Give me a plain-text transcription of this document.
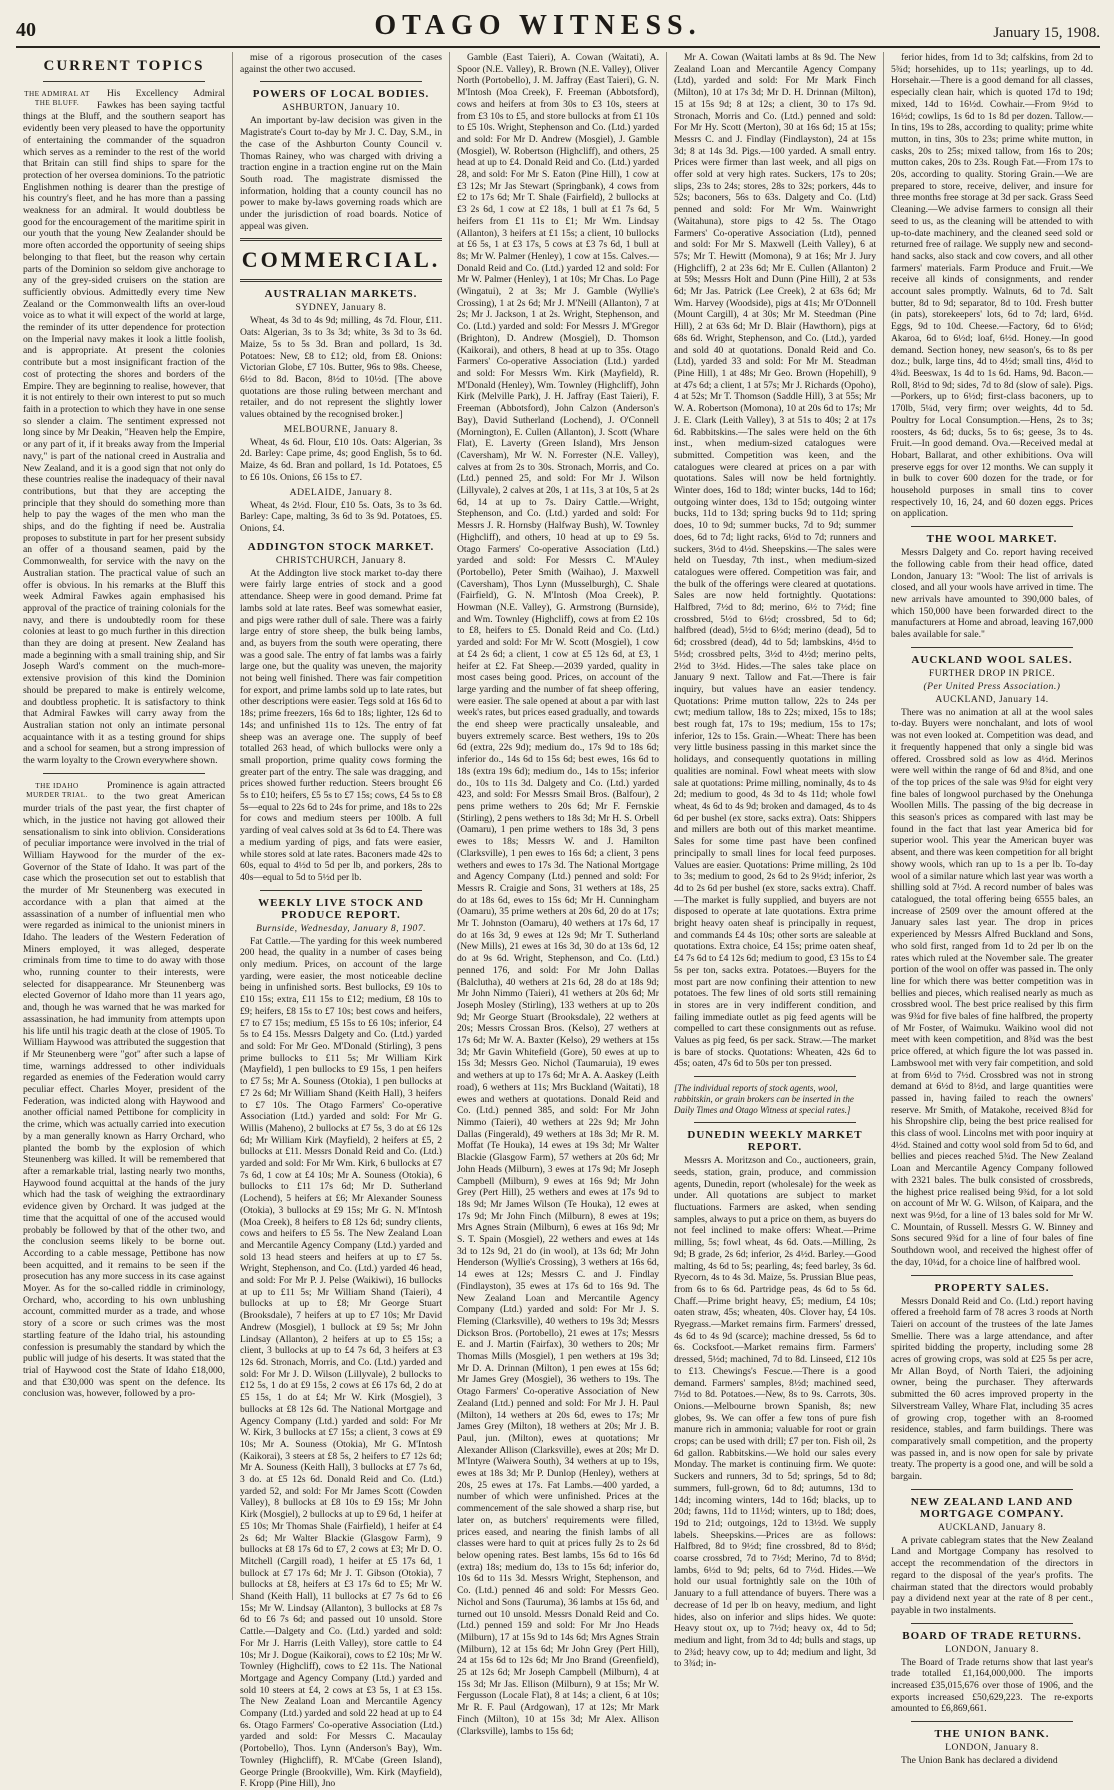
40	OTAGO WITNESS.	January 15, 1908.
CURRENT TOPICS
THE ADMIRAL AT THE BLUFF.

His Excellency Admiral Fawkes has been saying tactful things at the Bluff, and the southern seaport has evidently been very pleased to have the opportunity of entertaining the commander of the squadron which serves as a reminder to the rest of the world that Britain can still find ships to spare for the protection of her oversea dominions. To the patriotic Englishmen nothing is dearer than the prestige of his country's fleet, and he has more than a passing weakness for an admiral. It would doubtless be good for the encouragement of the maritime spirit in our youth that the young New Zealander should be more often accorded the opportunity of seeing ships belonging to that fleet, but the reason why certain parts of the Dominion so seldom give anchorage to any of the grey-sided cruisers on the station are sufficiently obvious. Admittedly every time New Zealand or the Commonwealth lifts an over-loud voice as to what it will expect of the world at large, the reminder of its utter dependence for protection on the Imperial navy makes it look a little foolish, and is appropriate. At present the colonies contribute but a most insignificant fraction of the cost of protecting the shores and borders of the Empire. They are beginning to realise, however, that it is not entirely to their own interest to put so much faith in a protection to which they have in one sense so slender a claim. The sentiment expressed not long since by Mr Deakin, "Heaven help the Empire, or any part of it, if it breaks away from the Imperial navy," is part of the national creed in Australia and New Zealand, and it is a good sign that not only do these countries realise the inadequacy of their naval contributions, but that they are accepting the principle that they should do something more than help to pay the wages of the men who man the ships, and do the fighting if need be. Australia proposes to substitute in part for her present subsidy an offer of a thousand seamen, paid by the Commonwealth, for service with the navy on the Australian station. The practical value of such an offer is obvious. In his remarks at the Bluff this week Admiral Fawkes again emphasised his approval of the practice of training colonials for the navy, and there is undoubtedly room for these colonies at least to go much further in this direction than they are doing at present. New Zealand has made a beginning with a small training ship, and Sir Joseph Ward's comment on the much-more-extensive provision of this kind the Dominion should be prepared to make is entirely welcome, and doubtless prophetic. It is satisfactory to think that Admiral Fawkes will carry away from the Australian station not only an intimate personal acquaintance with it as a testing ground for ships and a school for seamen, but a strong impression of the warm loyalty to the Crown everywhere shown.

THE IDAHO MURDER TRIAL.

Prominence is again attracted to the two great American murder trials of the past year, the first chapter of which, in the justice not having got allowed their sensationalism to sink into oblivion. Considerations of peculiar importance were involved in the trial of William Haywood for the murder of the ex-Governor of the State of Idaho. It was part of the case which the prosecution set out to establish that the murder of Mr Steunenberg was executed in accordance with a plan that aimed at the assassination of a number of influential men who were regarded as inimical to the unionist miners in Idaho. The leaders of the Western Federation of Miners employed, it was alleged, desperate criminals from time to time to do away with those who, running counter to their interests, were selected for disappearance. Mr Steunenberg was elected Governor of Idaho more than 11 years ago, and, though he was warned that he was marked for assassination, he had immunity from attempts upon his life until his tragic death at the close of 1905. To William Haywood was attributed the suggestion that if Mr Steunenberg were "got" after such a lapse of time, warnings addressed to other individuals regarded as enemies of the Federation would carry peculiar effect. Charles Moyer, president of the Federation, was indicted along with Haywood and another official named Pettibone for complicity in the crime, which was actually carried into execution by a man generally known as Harry Orchard, who planted the bomb by the explosion of which Steunenberg was killed. It will be remembered that after a remarkable trial, lasting nearly two months, Haywood found acquittal at the hands of the jury which had the task of weighing the extraordinary evidence given by Orchard. It was judged at the time that the acquittal of one of the accused would probably be followed by that of the other two, and the conclusion seems likely to be borne out. According to a cable message, Pettibone has now been acquitted, and it remains to be seen if the prosecution has any more success in its case against Moyer. As for the so-called riddle in criminology, Orchard, who, according to his own unblushing account, committed murder as a trade, and whose story of a score or such crimes was the most startling feature of the Idaho trial, his astounding confession is presumably the standard by which the public will judge of his deserts. It was stated that the trial of Haywood cost the State of Idaho £18,000, and that £30,000 was spent on the defence. Its conclusion was, however, followed by a pro-

mise of a rigorous prosecution of the cases against the other two accused.

POWERS OF LOCAL BODIES.
ASHBURTON, January 10.

An important by-law decision was given in the Magistrate's Court to-day by Mr J. C. Day, S.M., in the case of the Ashburton County Council v. Thomas Rainey, who was charged with driving a traction engine in a traction engine rut on the Main South road. The magistrate dismissed the information, holding that a county council has no power to make by-laws governing roads which are under the jurisdiction of road boards. Notice of appeal was given.

COMMERCIAL.
AUSTRALIAN MARKETS.
SYDNEY, January 8.

Wheat, 4s 3d to 4s 9d; milling, 4s 7d. Flour, £11. Oats: Algerian, 3s to 3s 3d; white, 3s 3d to 3s 6d. Maize, 5s to 5s 3d. Bran and pollard, 1s 3d. Potatoes: New, £8 to £12; old, from £8. Onions: Victorian Globe, £7 10s. Butter, 96s to 98s. Cheese, 6½d to 8d. Bacon, 8½d to 10½d. [The above quotations are those ruling between merchant and retailer, and do not represent the slightly lower values obtained by the recognised broker.]

MELBOURNE, January 8.

Wheat, 4s 6d. Flour, £10 10s. Oats: Algerian, 3s 2d. Barley: Cape prime, 4s; good English, 5s to 6d. Maize, 4s 6d. Bran and pollard, 1s 1d. Potatoes, £5 to £6 10s. Onions, £6 15s to £7.

ADELAIDE, January 8.

Wheat, 4s 2½d. Flour, £10 5s. Oats, 3s to 3s 6d. Barley: Cape, malting, 3s 6d to 3s 9d. Potatoes, £5. Onions, £4.

ADDINGTON STOCK MARKET.
CHRISTCHURCH, January 8.

At the Addington live stock market to-day there were fairly large entries of stock and a good attendance. Sheep were in good demand. Prime fat lambs sold at late rates. Beef was somewhat easier, and pigs were rather dull of sale. There was a fairly large entry of store sheep, the bulk being lambs, and, as buyers from the south were operating, there was a good sale. The entry of fat lambs was a fairly large one, but the quality was uneven, the majority not being well finished. There was fair competition for export, and prime lambs sold up to late rates, but other descriptions were easier. Tegs sold at 16s 6d to 18s; prime freezers, 16s 6d to 18s; lighter, 12s 6d to 14s; and unfinished 11s to 12s. The entry of fat sheep was an average one. The supply of beef totalled 263 head, of which bullocks were only a small proportion, prime quality cows forming the greater part of the entry. The sale was dragging, and prices showed further reduction. Steers brought £6 5s to £10; heifers, £5 5s to £7 15s; cows, £4 5s to £8 5s—equal to 22s 6d to 24s for prime, and 18s to 22s for cows and medium steers per 100lb. A full yarding of veal calves sold at 3s 6d to £4. There was a medium yarding of pigs, and fats were easier, while stores sold at late rates. Baconers made 42s to 60s, equal to 4½d to 5d per lb, and porkers, 28s to 40s—equal to 5d to 5½d per lb.

WEEKLY LIVE STOCK AND PRODUCE REPORT.
Burnside, Wednesday, January 8, 1907.

Fat Cattle.—The yarding for this week numbered 200 head, the quality in a number of cases being only medium. Prices, on account of the large yarding, were easier, the most noticeable decline being in unfinished sorts. Best bullocks, £9 10s to £10 15s; extra, £11 15s to £12; medium, £8 10s to £9; heifers, £8 15s to £7 10s; best cows and heifers, £7 to £7 15s; medium, £5 15s to £6 10s; inferior, £4 5s to £4 15s. Messrs Dalgety and Co. (Ltd.) yarded and sold: For Mr Geo. M'Donald (Stirling), 3 pens prime bullocks to £11 5s; Mr William Kirk (Mayfield), 1 pen bullocks to £9 15s, 1 pen heifers to £7 5s; Mr A. Souness (Otokia), 1 pen bullocks at £7 2s 6d; Mr William Shand (Keith Hall), 3 heifers to £7 10s. The Otago Farmers' Co-operative Association (Ltd.) yarded and sold: For Mr G. Willis (Maheno), 2 bullocks at £7 5s, 3 do at £6 12s 6d; Mr William Kirk (Mayfield), 2 heifers at £5, 2 bullocks at £11. Messrs Donald Reid and Co. (Ltd.) yarded and sold: For Mr Wm. Kirk, 6 bullocks at £7 7s 6d, 1 cow at £4 10s; Mr A. Souness (Otokia), 6 bullocks to £11 17s 6d; Mr D. Sutherland (Lochend), 5 heifers at £6; Mr Alexander Souness (Otokia), 3 bullocks at £9 15s; Mr G. N. M'Intosh (Moa Creek), 8 heifers to £8 12s 6d; sundry clients, cows and heifers to £5 5s. The New Zealand Loan and Mercantile Agency Company (Ltd.) yarded and sold 13 head steers and heifers at up to £7 5s. Wright, Stephenson, and Co. (Ltd.) yarded 46 head, and sold: For Mr P. J. Pelse (Waikiwi), 16 bullocks at up to £11 5s; Mr William Shand (Taieri), 4 bullocks at up to £8; Mr George Stuart (Brooksdale), 7 heifers at up to £7 10s; Mr David Andrew (Mosgiel), 1 bullock at £9 5s; Mr John Lindsay (Allanton), 2 heifers at up to £5 15s; a client, 3 bullocks at up to £4 7s 6d, 3 heifers at £3 12s 6d. Stronach, Morris, and Co. (Ltd.) yarded and sold: For Mr J. D. Wilson (Lillyvale), 2 bullocks to £12 5s, 1 do at £9 15s, 2 cows at £6 17s 6d, 2 do at £5 15s, 1 do at £4; Mr W. Kirk (Mosgiel), 3 bullocks at £8 12s 6d. The National Mortgage and Agency Company (Ltd.) yarded and sold: For Mr W. Kirk, 3 bullocks at £7 15s; a client, 3 cows at £9 10s; Mr A. Souness (Otokia), Mr G. M'Intosh (Kaikorai), 3 steers at £8 5s, 2 heifers to £7 12s 6d; Mr A. Souness (Keith Hall), 3 bullocks at £7 7s 6d, 3 do. at £5 12s 6d. Donald Reid and Co. (Ltd.) yarded 52, and sold: For Mr James Scott (Cowden Valley), 8 bullocks at £8 10s to £9 15s; Mr John Kirk (Mosgiel), 2 bullocks at up to £9 6d, 1 heifer at £5 10s; Mr Thomas Shale (Fairfield), 1 heifer at £4 2s 6d; Mr Walter Blackie (Glasgow Farm), 9 bullocks at £8 17s 6d to £7, 2 cows at £3; Mr D. O. Mitchell (Cargill road), 1 heifer at £5 17s 6d, 1 bullock at £7 17s 6d; Mr J. T. Gibson (Otokia), 7 bullocks at £8, heifers at £3 17s 6d to £5; Mr W. Shand (Keith Hall), 11 bullocks at £7 7s 6d to £6 15s; Mr W. Lindsay (Allanton), 3 bullocks at £8 7s 6d to £6 7s 6d; and passed out 10 unsold. Store Cattle.—Dalgety and Co. (Ltd.) yarded and sold: For Mr J. Harris (Leith Valley), store cattle to £4 10s; Mr J. Dogue (Kaikorai), cows to £2 10s; Mr W. Townley (Highcliff), cows to £2 11s. The National Mortgage and Agency Company (Ltd.) yarded and sold 10 steers at £4, 2 cows at £3 5s, 1 at £3 15s. The New Zealand Loan and Mercantile Agency Company (Ltd.) yarded and sold 22 head at up to £4 6s. Otago Farmers' Co-operative Association (Ltd.) yarded and sold: For Messrs C. Macaulay (Portobello), Thos. Lynn (Anderson's Bay), Wm. Townley (Highcliff), R. M'Cabe (Green Island), George Pringle (Brookville), Wm. Kirk (Mayfield), F. Kropp (Pine Hill), Jno

Gamble (East Taieri), A. Cowan (Waitati), A. Spoor (N.E. Valley), R. Brown (N.E. Valley), Oliver North (Portobello), J. M. Jaffray (East Taieri), G. N. M'Intosh (Moa Creek), F. Freeman (Abbotsford), cows and heifers at from 30s to £3 10s, steers at from £3 10s to £5, and store bullocks at from £1 10s to £5 10s. Wright, Stephenson and Co. (Ltd.) yarded and sold: For Mr D. Andrew (Mosgiel), J. Gamble (Mosgiel), W. Robertson (Highcliff), and others, 25 head at up to £4. Donald Reid and Co. (Ltd.) yarded 28, and sold: For Mr S. Eaton (Pine Hill), 1 cow at £3 12s; Mr Jas Stewart (Springbank), 4 cows from £2 to 17s 6d; Mr T. Shale (Fairfield), 2 bullocks at £3 2s 6d, 1 cow at £2 18s, 1 bull at £1 7s 6d, 5 heifers from £1 11s to £1; Mr Wm. Lindsay (Allanton), 3 heifers at £1 15s; a client, 10 bullocks at £6 5s, 1 at £3 17s, 5 cows at £3 7s 6d, 1 bull at 8s; Mr W. Palmer (Henley), 1 cow at 15s. Calves.—Donald Reid and Co. (Ltd.) yarded 12 and sold: For Mr W. Palmer (Henley), 1 at 10s; Mr Chas. Lo Page (Wingatui), 2 at 3s; Mr J. Gamble (Wyllie's Crossing), 1 at 2s 6d; Mr J. M'Neill (Allanton), 7 at 2s; Mr J. Jackson, 1 at 2s. Wright, Stephenson, and Co. (Ltd.) yarded and sold: For Messrs J. M'Gregor (Brighton), D. Andrew (Mosgiel), D. Thomson (Kaikorai), and others, 8 head at up to 35s. Otago Farmers' Co-operative Association (Ltd.) yarded and sold: For Messrs Wm. Kirk (Mayfield), R. M'Donald (Henley), Wm. Townley (Highcliff), John Kirk (Melville Park), J. H. Jaffray (East Taieri), F. Freeman (Abbotsford), John Calzon (Anderson's Bay), David Sutherland (Lochend), J. O'Connell (Mornington), E. Cullen (Allanton), J. Scott (Whare Flat), E. Laverty (Green Island), Mrs Jenson (Caversham), Mr W. N. Forrester (N.E. Valley), calves at from 2s to 30s. Stronach, Morris, and Co. (Ltd.) penned 25, and sold: For Mr J. Wilson (Lillyvale), 2 calves at 20s, 1 at 11s, 3 at 10s, 5 at 2s 6d, 14 at up to 7s. Dairy Cattle.—Wright, Stephenson, and Co. (Ltd.) yarded and sold: For Messrs J. R. Hornsby (Halfway Bush), W. Townley (Highcliff), and others, 10 head at up to £9 5s. Otago Farmers' Co-operative Association (Ltd.) yarded and sold: For Messrs C. M'Auley (Portobello), Peter Smith (Waihao), J. Maxwell (Caversham), Thos Lynn (Musselburgh), C. Shale (Fairfield), G. N. M'Intosh (Moa Creek), P. Howman (N.E. Valley), G. Armstrong (Burnside), and Wm. Townley (Highcliff), cows at from £2 10s to £8, heifers to £5. Donald Reid and Co. (Ltd.) yarded and sold: For Mr W. Scott (Mosgiel), 1 cow at £4 2s 6d; a client, 1 cow at £5 12s 6d, at £3, 1 heifer at £2. Fat Sheep.—2039 yarded, quality in most cases being good. Prices, on account of the large yarding and the number of fat sheep offering, were easier. The sale opened at about a par with last week's rates, but prices eased gradually, and towards the end sheep were practically unsaleable, and buyers extremely scarce. Best wethers, 19s to 20s 6d (extra, 22s 9d); medium do., 17s 9d to 18s 6d; inferior do., 14s 6d to 15s 6d; best ewes, 16s 6d to 18s (extra 19s 6d); medium do., 14s to 15s; inferior do., 10s to 11s 3d. Dalgety and Co. (Ltd.) yarded 423, and sold: For Messrs Smail Bros. (Balfour), 2 pens prime wethers to 20s 6d; Mr F. Fernskie (Stirling), 2 pens wethers to 18s 3d; Mr H. S. Orbell (Oamaru), 1 pen prime wethers to 18s 3d, 3 pens ewes to 18s; Messrs W. and J. Hamilton (Clarksville), 1 pen ewes to 16s 6d; a client, 3 pens wethers and ewes to 17s 3d. The National Mortgage and Agency Company (Ltd.) penned and sold: For Messrs R. Craigie and Sons, 31 wethers at 18s, 25 do at 18s 6d, ewes to 15s 6d; Mr H. Cunningham (Oamaru), 35 prime wethers at 20s 6d, 20 do at 17s; Mr T. Johnston (Oamaru), 40 wethers at 17s 6d, 17 do at 16s 3d, 9 ewes at 12s 9d; Mr T. Sutherland (New Mills), 21 ewes at 16s 3d, 30 do at 13s 6d, 12 do at 9s 6d. Wright, Stephenson, and Co. (Ltd.) penned 176, and sold: For Mr John Dallas (Balclutha), 40 wethers at 21s 6d, 28 do at 18s 9d; Mr John Nimmo (Taieri), 41 wethers at 20s 6d; Mr Joseph Mosley (Stirling), 133 wethers at up to 20s 9d; Mr George Stuart (Brooksdale), 22 wethers at 20s; Messrs Crossan Bros. (Kelso), 27 wethers at 17s 6d; Mr W. A. Baxter (Kelso), 29 wethers at 15s 3d; Mr Gavin Whitefield (Gore), 50 ewes at up to 15s 3d; Messrs Geo. Nichol (Taumaruia), 19 ewes and wethers at up to 17s 6d; Mr A. A. Aaskey (Leith road), 6 wethers at 11s; Mrs Buckland (Waitati), 18 ewes and wethers at quotations. Donald Reid and Co. (Ltd.) penned 385, and sold: For Mr John Nimmo (Taieri), 40 wethers at 22s 9d; Mr John Dallas (Fingerald), 49 wethers at 18s 3d; Mr R. M. Moffat (Te Houka), 14 ewes at 19s 3d; Mr Walter Blackie (Glasgow Farm), 57 wethers at 20s 6d; Mr John Heads (Milburn), 3 ewes at 17s 9d; Mr Joseph Campbell (Milburn), 9 ewes at 16s 9d; Mr John Grey (Pert Hill), 25 wethers and ewes at 17s 9d to 18s 9d; Mr James Wilson (Te Houka), 12 ewes at 17s 9d; Mr John Finch (Milburn), 8 ewes at 19s; Mrs Agnes Strain (Milburn), 6 ewes at 16s 9d; Mr S. T. Spain (Mosgiel), 22 wethers and ewes at 14s 3d to 12s 9d, 21 do (in wool), at 13s 6d; Mr John Henderson (Wyllie's Crossing), 3 wethers at 16s 6d, 14 ewes at 12s; Messrs C. and J. Findlay (Findlayston), 35 ewes at 17s 6d to 16s 9d. The New Zealand Loan and Mercantile Agency Company (Ltd.) yarded and sold: For Mr J. S. Fleming (Clarksville), 40 wethers to 19s 3d; Messrs Dickson Bros. (Portobello), 21 ewes at 17s; Messrs E. and J. Martin (Fairfax), 30 wethers to 20s; Mr Thomas Mills (Mosgiel), 1 pen wethers at 19s 3d; Mr D. A. Drinnan (Milton), 1 pen ewes at 15s 6d; Mr James Grey (Mosgiel), 36 wethers to 19s. The Otago Farmers' Co-operative Association of New Zealand (Ltd.) penned and sold: For Mr J. H. Paul (Milton), 14 wethers at 20s 6d, ewes to 17s; Mr James Grey (Milton), 18 wethers at 20s; Mr J. B. Paul, jun. (Milton), ewes at quotations; Mr Alexander Allison (Clarksville), ewes at 20s; Mr D. M'Intyre (Waiwera South), 34 wethers at up to 19s, ewes at 18s 3d; Mr P. Dunlop (Henley), wethers at 20s, 25 ewes at 17s. Fat Lambs.—400 yarded, a number of which were unfinished. Prices at the commencement of the sale showed a sharp rise, but later on, as butchers' requirements were filled, prices eased, and nearing the finish lambs of all classes were hard to quit at prices fully 2s to 2s 6d below opening rates. Best lambs, 15s 6d to 16s 6d (extra) 18s; medium do, 13s to 15s 6d; inferior do, 10s 6d to 11s 3d. Messrs Wright, Stephenson, and Co. (Ltd.) penned 46 and sold: For Messrs Geo. Nichol and Sons (Tauruma), 36 lambs at 15s 6d, and turned out 10 unsold. Messrs Donald Reid and Co. (Ltd.) penned 159 and sold: For Mr Jno Heads (Milburn), 17 at 15s 9d to 14s 6d; Mrs Agnes Strain (Milburn), 12 at 15s 6d; Mr John Grey (Pert Hill), 24 at 15s 6d to 12s 6d; Mr Jno Brand (Greenfield), 25 at 12s 6d; Mr Joseph Campbell (Milburn), 4 at 15s 3d; Mr Jas. Ellison (Milburn), 9 at 15s; Mr W. Fergusson (Locale Flat), 8 at 14s; a client, 6 at 10s; Mr R. F. Paul (Ardgowan), 17 at 12s; Mr Mark Finch (Milton), 10 at 15s 3d; Mr Alex. Allison (Clarksville), lambs to 15s 6d;

Mr A. Cowan (Waitati lambs at 8s 9d. The New Zealand Loan and Mercantile Agency Company (Ltd), yarded and sold: For Mr Mark Finch (Milton), 10 at 17s 3d; Mr D. H. Drinnan (Milton), 15 at 15s 9d; 8 at 12s; a client, 30 to 17s 9d. Stronach, Morris and Co. (Ltd.) penned and sold: For Mr Hy. Scott (Merton), 30 at 16s 6d; 15 at 15s; Messrs C. and J. Findlay (Findlayston), 24 at 15s 3d; 8 at 14s 3d. Pigs.—100 yarded. A small entry. Prices were firmer than last week, and all pigs on offer sold at very high rates. Suckers, 17s to 20s; slips, 23s to 24s; stores, 28s to 32s; porkers, 44s to 52s; baconers, 56s to 63s. Dalgety and Co. (Ltd) penned and sold: For Mr Wm. Wainwright (Waitahuna), store pigs to 42 5s. The Otago Farmers' Co-operative Association (Ltd), penned and sold: For Mr S. Maxwell (Leith Valley), 6 at 57s; Mr T. Hewitt (Momona), 9 at 16s; Mr J. Jury (Highcliff), 2 at 23s 6d; Mr E. Cullen (Allanton) 2 at 59s; Messrs Holt and Dunn (Pine Hill), 2 at 53s 6d; Mr Jas. Patrick (Lee Creek), 2 at 63s 6d; Mr Wm. Harvey (Woodside), pigs at 41s; Mr O'Donnell (Mount Cargill), 4 at 30s; Mr M. Steedman (Pine Hill), 2 at 63s 6d; Mr D. Blair (Hawthorn), pigs at 68s 6d. Wright, Stephenson, and Co. (Ltd.), yarded and sold 40 at quotations. Donald Reid and Co. (Ltd), yarded 33 and sold: For Mr M. Steadman (Pine Hill), 1 at 48s; Mr Geo. Brown (Hopehill), 9 at 47s 6d; a client, 1 at 57s; Mr J. Richards (Opoho), 4 at 52s; Mr T. Thomson (Saddle Hill), 3 at 55s; Mr W. A. Robertson (Momona), 10 at 20s 6d to 17s; Mr J. E. Clark (Leith Valley), 3 at 51s to 40s; 2 at 17s 6d. Rabbitskins.—The sales were held on the 6th inst., when medium-sized catalogues were submitted. Competition was keen, and the catalogues were cleared at prices on a par with quotations. Sales will now be held fortnightly. Winter does, 16d to 18d; winter bucks, 14d to 16d; outgoing winter does, 13d to 15d; outgoing winter bucks, 11d to 13d; spring bucks 9d to 11d; spring does, 10 to 9d; summer bucks, 7d to 9d; summer does, 6d to 7d; light racks, 6½d to 7d; runners and suckers, 3½d to 4½d. Sheepskins.—The sales were held on Tuesday, 7th inst., when medium-sized catalogues were offered. Competition was fair, and the bulk of the offerings were cleared at quotations. Sales are now held fortnightly. Quotations: Halfbred, 7½d to 8d; merino, 6½ to 7½d; fine crossbred, 5½d to 6½d; crossbred, 5d to 6d; halfbred (dead), 5½d to 6½d; merino (dead), 5d to 6d; crossbred (dead), 4d to 5d; lambskins, 4½d to 5½d; crossbred pelts, 3½d to 4½d; merino pelts, 2½d to 3½d. Hides.—The sales take place on January 9 next. Tallow and Fat.—There is fair inquiry, but values have an easier tendency. Quotations: Prime mutton tallow, 22s to 24s per cwt; medium tallow, 18s to 22s; mixed, 15s to 18s; best rough fat, 17s to 19s; medium, 15s to 17s; inferior, 12s to 15s. Grain.—Wheat: There has been very little business passing in this market since the holidays, and consequently quotations in milling qualities are nominal. Fowl wheat meets with slow sale at quotations: Prime milling, nominally, 4s to 4s 2d; medium to good, 4s 3d to 4s 11d; whole fowl wheat, 4s 6d to 4s 9d; broken and damaged, 4s to 4s 6d per bushel (ex store, sacks extra). Oats: Shippers and millers are both out of this market meantime. Sales for some time past have been confined principally to small lines for local feed purposes. Values are easier. Quotations: Prime milling, 2s 10d to 3s; medium to good, 2s 6d to 2s 9½d; inferior, 2s 4d to 2s 6d per bushel (ex store, sacks extra). Chaff.—The market is fully supplied, and buyers are not disposed to operate at late quotations. Extra prime bright heavy oaten sheaf is principally in request, and commands £4 4s 10s; other sorts are saleable at quotations. Extra choice, £4 15s; prime oaten sheaf, £4 7s 6d to £4 12s 6d; medium to good, £3 15s to £4 5s per ton, sacks extra. Potatoes.—Buyers for the most part are now confining their attention to new potatoes. The few lines of old sorts still remaining in stores are in very indifferent condition, and failing immediate outlet as pig feed agents will be compelled to cart these consignments out as refuse. Values as pig feed, 6s per sack. Straw.—The market is bare of stocks. Quotations: Wheaten, 42s 6d to 45s; oaten, 47s 6d to 50s per ton pressed.

[The individual reports of stock agents, wool, rabbitskin, or grain brokers can be inserted in the Daily Times and Otago Witness at special rates.]
DUNEDIN WEEKLY MARKET REPORT.

Messrs A. Moritzson and Co., auctioneers, grain, seeds, station, grain, produce, and commission agents, Dunedin, report (wholesale) for the week as under. All quotations are subject to market fluctuations. Farmers are asked, when sending samples, always to put a price on them, as buyers do not feel inclined to make offers: Wheat.—Prime milling, 5s; fowl wheat, 4s 6d. Oats.—Milling, 2s 9d; B grade, 2s 6d; inferior, 2s 4½d. Barley.—Good malting, 4s 6d to 5s; pearling, 4s; feed barley, 3s 6d. Ryecorn, 4s to 4s 3d. Maize, 5s. Prussian Blue peas, from 6s to 6s 6d. Partridge peas, 4s 6d to 5s 6d. Chaff.—Prime bright heavy, £5; medium, £4 10s; oaten straw, 45s; wheaten, 40s. Clover hay, £4 10s. Ryegrass.—Market remains firm. Farmers' dressed, 4s 6d to 4s 9d (scarce); machine dressed, 5s 6d to 6s. Cocksfoot.—Market remains firm. Farmers' dressed, 5½d; machined, 7d to 8d. Linseed, £12 10s to £13. Chewings's Fescue.—There is a good demand. Farmers' samples, 8½d; machined seed, 7½d to 8d. Potatoes.—New, 8s to 9s. Carrots, 30s. Onions.—Melbourne brown Spanish, 8s; new globes, 9s. We can offer a few tons of pure fish manure rich in ammonia; valuable for root or grain crops; can be used with drill; £7 per ton. Fish oil, 2s 6d gallon. Rabbitskins.—We hold our sales every Monday. The market is continuing firm. We quote: Suckers and runners, 3d to 5d; springs, 5d to 8d; summers, full-grown, 6d to 8d; autumns, 13d to 14d; incoming winters, 14d to 16d; blacks, up to 20d; fawns, 11d to 11½d; winters, up to 18d; does, 19d to 21d; outgoings, 12d to 13½d. We supply labels. Sheepskins.—Prices are as follows: Halfbred, 8d to 9½d; fine crossbred, 8d to 8½d; coarse crossbred, 7d to 7½d; Merino, 7d to 8½d; lambs, 6½d to 9d; pelts, 6d to 7½d. Hides.—We hold our usual fortnightly sale on the 10th of January to a full attendance of buyers. There was a decrease of 1d per lb on heavy, medium, and light hides, also on inferior and slips hides. We quote: Heavy stout ox, up to 7½d; heavy ox, 4d to 5d; medium and light, from 3d to 4d; bulls and stags, up to 2¾d; heavy cow, up to 4d; medium and light, 3d to 3¾d; in-

ferior hides, from 1d to 3d; calfskins, from 2d to 5¾d; horsehides, up to 11s; yearlings, up to 4d. Horsehair.—There is a good demand for all classes, especially clean hair, which is quoted 17d to 19d; mixed, 14d to 16½d. Cowhair.—From 9½d to 16½d; cowlips, 1s 6d to 1s 8d per dozen. Tallow.—In tins, 19s to 28s, according to quality; prime white mutton, in tins, 30s to 23s; prime white mutton, in casks, 20s to 25s; mixed tallow, from 16s to 20s; mutton cakes, 20s to 23s. Rough Fat.—From 17s to 20s, according to quality. Storing Grain.—We are prepared to store, receive, deliver, and insure for three months free storage at 3d per sack. Grass Seed Cleaning.—We advise farmers to consign all their seed to us, as the cleaning will be attended to with up-to-date machinery, and the cleaned seed sold or returned free of railage. We supply new and second-hand sacks, also stack and cow covers, and all other farmers' materials. Farm Produce and Fruit.—We receive all kinds of consignments, and render account sales promptly. Walnuts, 6d to 7d. Salt butter, 8d to 9d; separator, 8d to 10d. Fresh butter (in pats), storekeepers' lots, 6d to 7d; lard, 6½d. Eggs, 9d to 10d. Cheese.—Factory, 6d to 6½d; Akaroa, 6d to 6½d; loaf, 6½d. Honey.—In good demand. Section honey, new season's, 6s to 8s per doz.; bulk, large tins, 4d to 4½d; small tins, 4½d to 4¾d. Beeswax, 1s 4d to 1s 6d. Hams, 9d. Bacon.—Roll, 8½d to 9d; sides, 7d to 8d (slow of sale). Pigs.—Porkers, up to 6½d; first-class baconers, up to 170lb, 5¼d, very firm; over weights, 4d to 5d. Poultry for Local Consumption.—Hens, 2s to 3s; roosters, 4s 6d; ducks, 5s to 6s; geese, 3s to 4s. Fruit.—In good demand. Ova.—Received medal at Hobart, Ballarat, and other exhibitions. Ova will preserve eggs for over 12 months. We can supply it in bulk to cover 600 dozen for the trade, or for household purposes in small tins to cover respectively 10, 16, 24, and 60 dozen eggs. Prices on application.

THE WOOL MARKET.

Messrs Dalgety and Co. report having received the following cable from their head office, dated London, January 13: "Wool: The list of arrivals is closed, and all your wools have arrived in time. The new arrivals have amounted to 390,000 bales, of which 150,000 have been forwarded direct to the manufacturers at Home and abroad, leaving 167,000 bales available for sale."

AUCKLAND WOOL SALES.
FURTHER DROP IN PRICE.
(Per United Press Association.)
AUCKLAND, January 14.

There was no animation at all at the wool sales to-day. Buyers were nonchalant, and lots of wool was not even looked at. Competition was dead, and it frequently happened that only a single bid was offered. Crossbred sold as low as 4½d. Merinos were well within the range of 6d and 8¾d, and one of the top prices of the sale was 9¾d for eight very fine bales of longwool purchased by the Onehunga Woollen Mills. The passing of the big decrease in this season's prices as compared with last may be found in the fact that last year America bid for superior wool. This year the American buyer was absent, and there was keen competition for all bright showy wools, which ran up to 1s a per lb. To-day wool of a similar nature which last year was worth a shilling sold at 7½d. A record number of bales was catalogued, the total offering being 6555 bales, an increase of 2509 over the amount offered at the January sales last year. The drop in prices experienced by Messrs Alfred Buckland and Sons, who sold first, ranged from 1d to 2d per lb on the rates which ruled at the November sale. The greater portion of the wool on offer was passed in. The only line for which there was better competition was in bellies and pieces, which realised nearly as much as crossbred wool. The best price realised by this firm was 9¾d for five bales of fine halfbred, the property of Mr Foster, of Waimuku. Waikino wool did not meet with keen competition, and 8¾d was the best price offered, at which figure the lot was passed in. Lambswool met with very fair competition, and sold at from 6½d to 7½d. Crossbred was not in strong demand at 6½d to 8½d, and large quantities were passed in, having failed to reach the owners' reserve. Mr Smith, of Matakohe, received 8¾d for his Shropshire clip, being the best price realised for this class of wool. Lincolns met with poor inquiry at 4½d. Stained and cotty wool sold from 5d to 6d, and bellies and pieces reached 5¾d. The New Zealand Loan and Mercantile Agency Company followed with 2321 bales. The bulk consisted of crossbreds, the highest price realised being 9¾d, for a lot sold on account of Mr W. G. Wilson, of Kaipara, and the next was 9½d, for a line of 13 bales sold for Mr W. C. Mountain, of Russell. Messrs G. W. Binney and Sons secured 9¾d for a line of four bales of fine Southdown wool, and received the highest offer of the day, 10¼d, for a choice line of halfbred wool.

PROPERTY SALES.

Messrs Donald Reid and Co. (Ltd.) report having offered a freehold farm of 78 acres 3 roods at North Taieri on account of the trustees of the late James Smellie. There was a large attendance, and after spirited bidding the property, including some 28 acres of growing crops, was sold at £25 5s per acre, Mr Allan Boyd, of North Taieri, the adjoining owner, being the purchaser. They afterwards submitted the 60 acres improved property in the Silverstream Valley, Whare Flat, including 35 acres of growing crop, together with an 8-roomed residence, stables, and farm buildings. There was comparatively small competition, and the property was passed in, and is now open for sale by private treaty. The property is a good one, and will be sold a bargain.

NEW ZEALAND LAND AND MORTGAGE COMPANY.
AUCKLAND, January 8.

A private cablegram states that the New Zealand Land and Mortgage Company has resolved to accept the recommendation of the directors in regard to the disposal of the year's profits. The chairman stated that the directors would probably pay a dividend next year at the rate of 8 per cent., payable in two instalments.

BOARD OF TRADE RETURNS.
LONDON, January 8.

The Board of Trade returns show that last year's trade totalled £1,164,000,000. The imports increased £35,015,676 over those of 1906, and the exports increased £50,629,223. The re-exports amounted to £6,869,661.

THE UNION BANK.
LONDON, January 8.

The Union Bank has declared a dividend
